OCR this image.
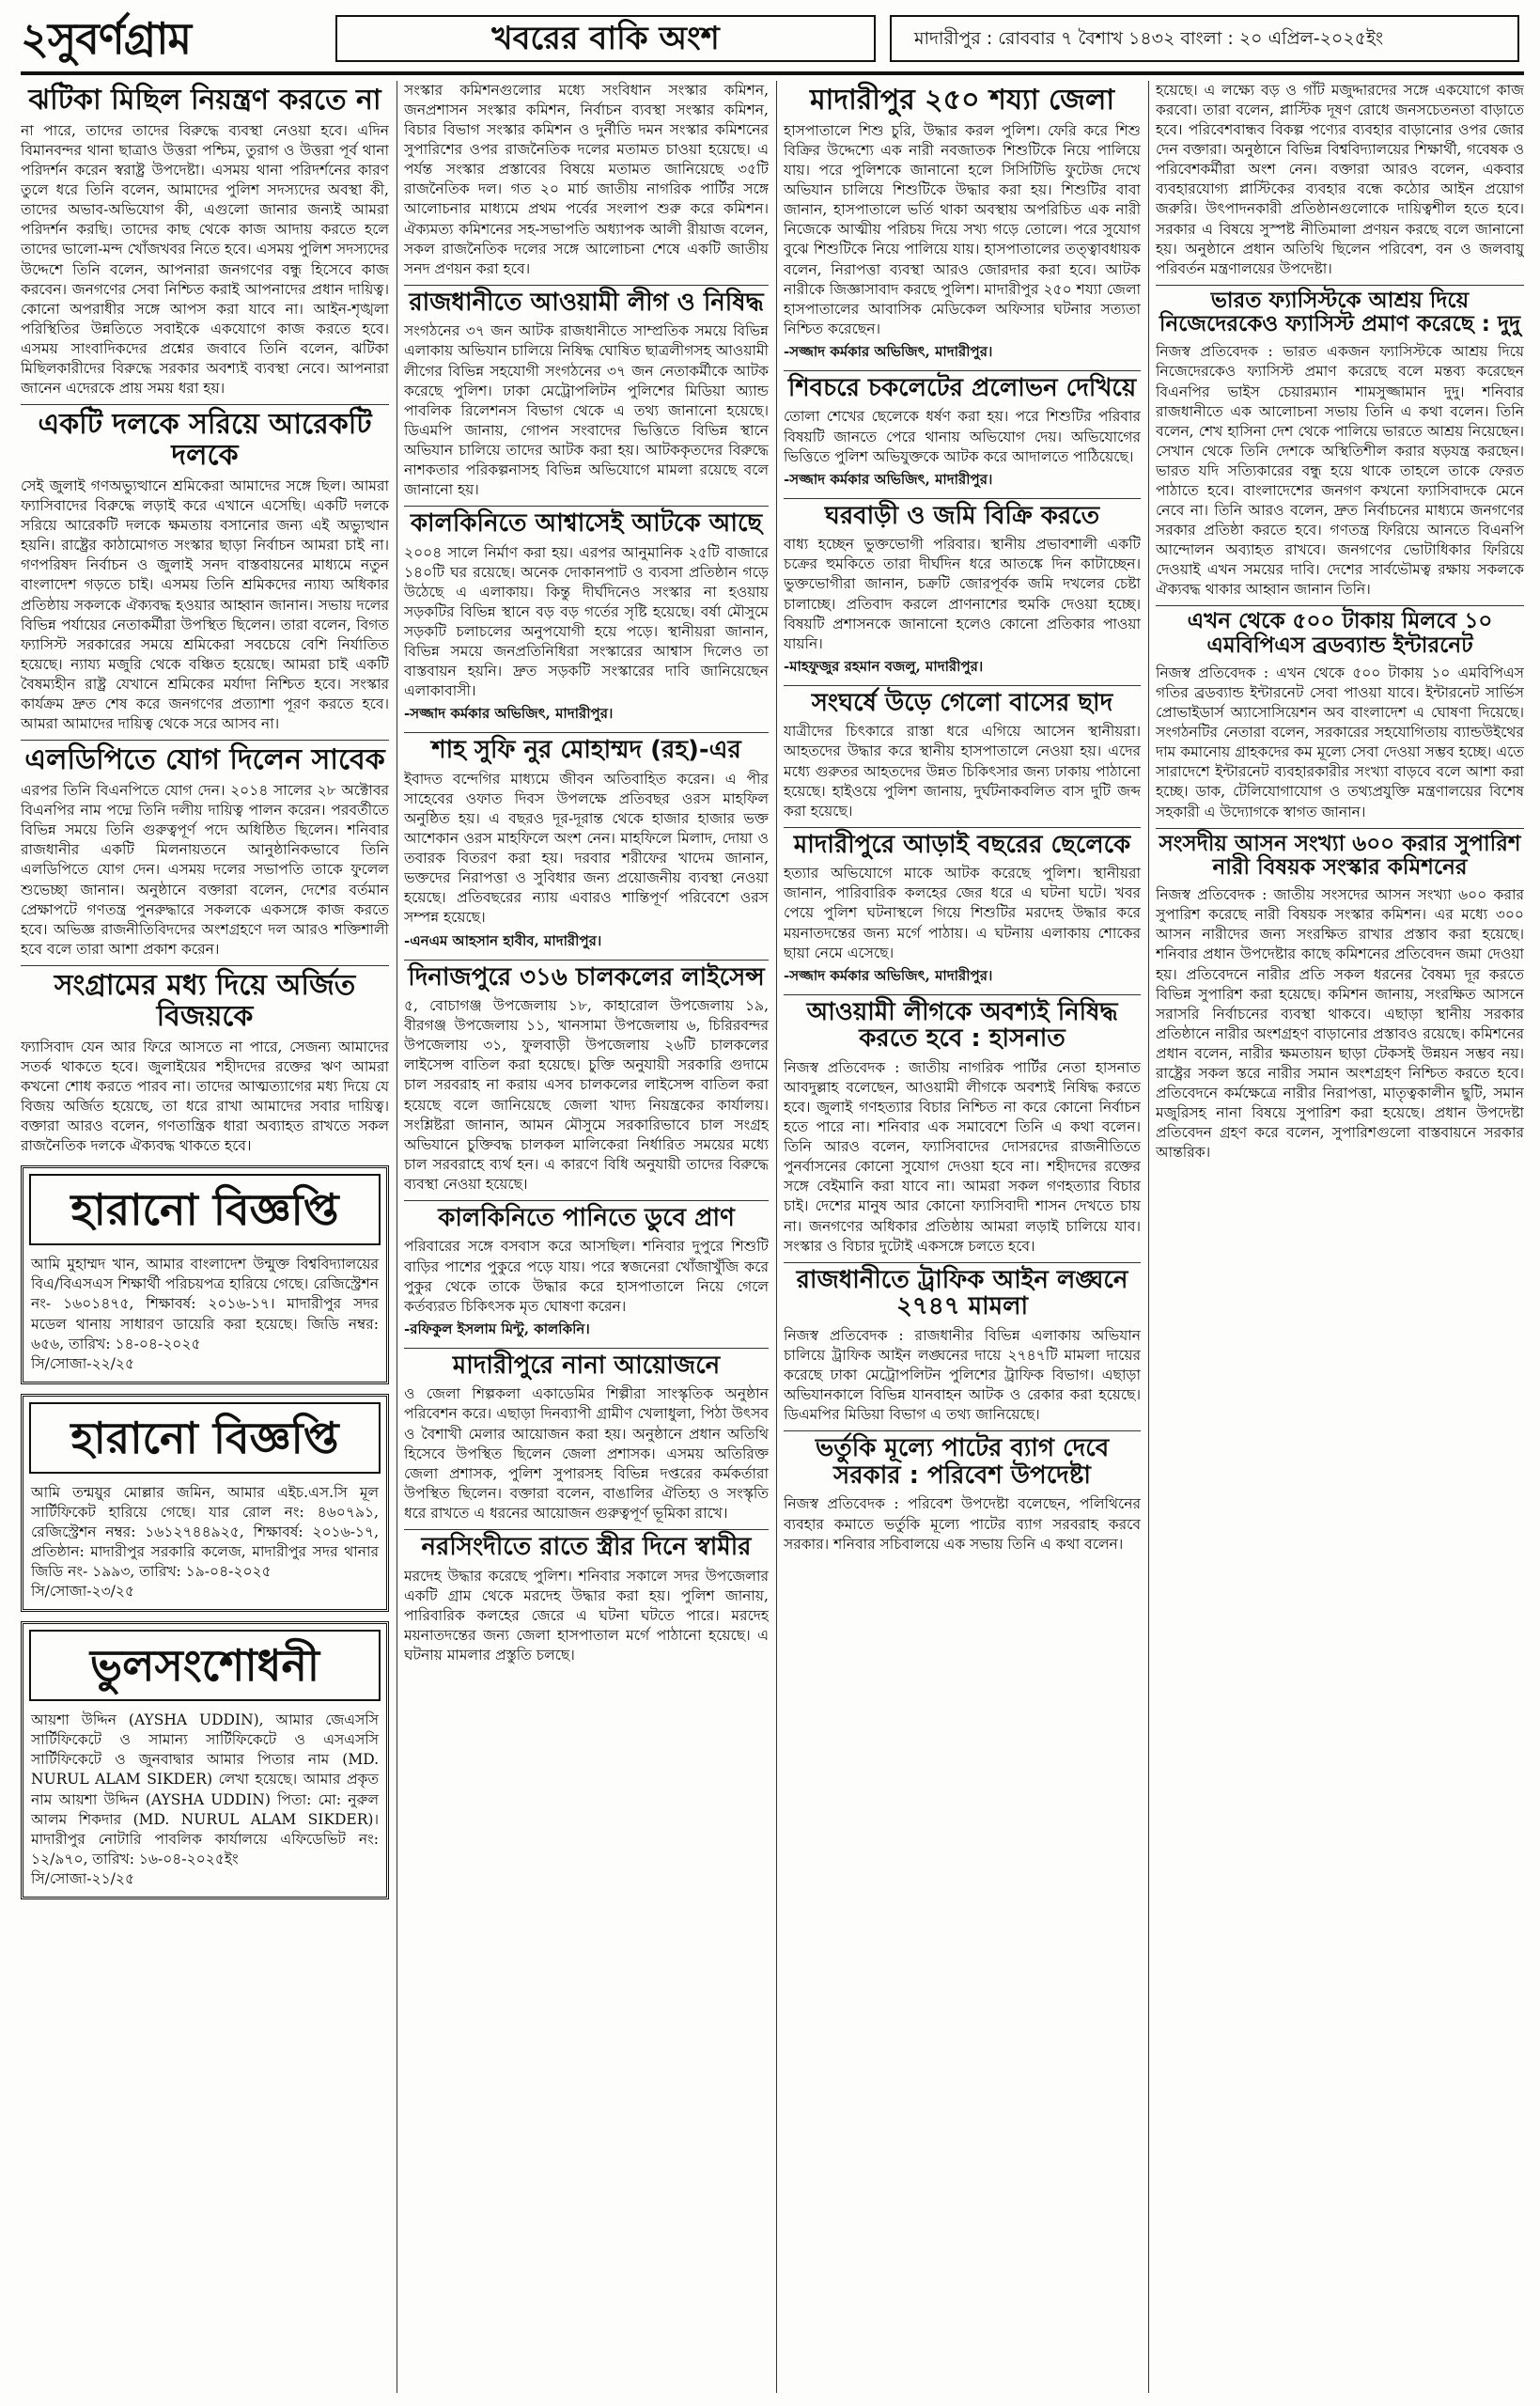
২সুবর্ণগ্রাম	খবরের বাকি অংশ	মাদারীপুর : রোববার ৭ বৈশাখ ১৪৩২ বাংলা : ২০ এপ্রিল-২০২৫ইং
ঝটিকা মিছিল নিয়ন্ত্রণ করতে না
না পারে, তাদের তাদের বিরুদ্ধে ব্যবস্থা নেওয়া হবে। এদিন বিমানবন্দর থানা ছাত্রাও উত্তরা পশ্চিম, তুরাগ ও উত্তরা পূর্ব থানা পরিদর্শন করেন স্বরাষ্ট্র উপদেষ্টা। এসময় থানা পরিদর্শনের কারণ তুলে ধরে তিনি বলেন, আমাদের পুলিশ সদস্যদের অবস্থা কী, তাদের অভাব-অভিযোগ কী, এগুলো জানার জন্যই আমরা পরিদর্শন করছি। তাদের কাছ থেকে কাজ আদায় করতে হলে তাদের ভালো-মন্দ খোঁজখবর নিতে হবে। এসময় পুলিশ সদস্যদের উদ্দেশে তিনি বলেন, আপনারা জনগণের বন্ধু হিসেবে কাজ করবেন। জনগণের সেবা নিশ্চিত করাই আপনাদের প্রধান দায়িত্ব। কোনো অপরাধীর সঙ্গে আপস করা যাবে না। আইন-শৃঙ্খলা পরিস্থিতির উন্নতিতে সবাইকে একযোগে কাজ করতে হবে। এসময় সাংবাদিকদের প্রশ্নের জবাবে তিনি বলেন, ঝটিকা মিছিলকারীদের বিরুদ্ধে সরকার অবশ্যই ব্যবস্থা নেবে। আপনারা জানেন এদেরকে প্রায় সময় ধরা হয়।
একটি দলকে সরিয়ে আরেকটি দলকে
সেই জুলাই গণঅভ্যুত্থানে শ্রমিকেরা আমাদের সঙ্গে ছিল। আমরা ফ্যাসিবাদের বিরুদ্ধে লড়াই করে এখানে এসেছি। একটি দলকে সরিয়ে আরেকটি দলকে ক্ষমতায় বসানোর জন্য এই অভ্যুত্থান হয়নি। রাষ্ট্রের কাঠামোগত সংস্কার ছাড়া নির্বাচন আমরা চাই না। গণপরিষদ নির্বাচন ও জুলাই সনদ বাস্তবায়নের মাধ্যমে নতুন বাংলাদেশ গড়তে চাই। এসময় তিনি শ্রমিকদের ন্যায্য অধিকার প্রতিষ্ঠায় সকলকে ঐক্যবদ্ধ হওয়ার আহ্বান জানান। সভায় দলের বিভিন্ন পর্যায়ের নেতাকর্মীরা উপস্থিত ছিলেন। তারা বলেন, বিগত ফ্যাসিস্ট সরকারের সময়ে শ্রমিকেরা সবচেয়ে বেশি নির্যাতিত হয়েছে। ন্যায্য মজুরি থেকে বঞ্চিত হয়েছে। আমরা চাই একটি বৈষম্যহীন রাষ্ট্র যেখানে শ্রমিকের মর্যাদা নিশ্চিত হবে। সংস্কার কার্যক্রম দ্রুত শেষ করে জনগণের প্রত্যাশা পূরণ করতে হবে। আমরা আমাদের দায়িত্ব থেকে সরে আসব না।
এলডিপিতে যোগ দিলেন সাবেক
এরপর তিনি বিএনপিতে যোগ দেন। ২০১৪ সালের ২৮ অক্টোবর বিএনপির নাম পদ্মে তিনি দলীয় দায়িত্ব পালন করেন। পরবর্তীতে বিভিন্ন সময়ে তিনি গুরুত্বপূর্ণ পদে অধিষ্ঠিত ছিলেন। শনিবার রাজধানীর একটি মিলনায়তনে আনুষ্ঠানিকভাবে তিনি এলডিপিতে যোগ দেন। এসময় দলের সভাপতি তাকে ফুলেল শুভেচ্ছা জানান। অনুষ্ঠানে বক্তারা বলেন, দেশের বর্তমান প্রেক্ষাপটে গণতন্ত্র পুনরুদ্ধারে সকলকে একসঙ্গে কাজ করতে হবে। অভিজ্ঞ রাজনীতিবিদদের অংশগ্রহণে দল আরও শক্তিশালী হবে বলে তারা আশা প্রকাশ করেন।
সংগ্রামের মধ্য দিয়ে অর্জিত বিজয়কে
ফ্যাসিবাদ যেন আর ফিরে আসতে না পারে, সেজন্য আমাদের সতর্ক থাকতে হবে। জুলাইয়ের শহীদদের রক্তের ঋণ আমরা কখনো শোধ করতে পারব না। তাদের আত্মত্যাগের মধ্য দিয়ে যে বিজয় অর্জিত হয়েছে, তা ধরে রাখা আমাদের সবার দায়িত্ব। বক্তারা আরও বলেন, গণতান্ত্রিক ধারা অব্যাহত রাখতে সকল রাজনৈতিক দলকে ঐক্যবদ্ধ থাকতে হবে।
হারানো বিজ্ঞপ্তি
আমি মুহাম্মদ খান, আমার বাংলাদেশ উন্মুক্ত বিশ্ববিদ্যালয়ের বিএ/বিএসএস শিক্ষার্থী পরিচয়পত্র হারিয়ে গেছে। রেজিস্ট্রেশন নং- ১৬০১৪৭৫, শিক্ষাবর্ষ: ২০১৬-১৭। মাদারীপুর সদর মডেল থানায় সাধারণ ডায়েরি করা হয়েছে। জিডি নম্বর: ৬৫৬, তারিখ: ১৪-০৪-২০২৫
সি/সোজা-২২/২৫
হারানো বিজ্ঞপ্তি
আমি তন্ময়ুর মোল্লার জমিন, আমার এইচ.এস.সি মূল সার্টিফিকেট হারিয়ে গেছে। যার রোল নং: ৪৬০৭৯১, রেজিস্ট্রেশন নম্বর: ১৬১২৭৪৪৯২৫, শিক্ষাবর্ষ: ২০১৬-১৭, প্রতিষ্ঠান: মাদারীপুর সরকারি কলেজ, মাদারীপুর সদর থানার জিডি নং- ১৯৯৩, তারিখ: ১৯-০৪-২০২৫
সি/সোজা-২৩/২৫
ভুলসংশোধনী
আয়শা উদ্দিন (AYSHA UDDIN), আমার জেএসসি সার্টিফিকেটে ও সামান্য সার্টিফিকেটে ও এসএসসি সার্টিফিকেটে ও জুনবাদ্বার আমার পিতার নাম (MD. NURUL ALAM SIKDER) লেখা হয়েছে। আমার প্রকৃত নাম আয়শা উদ্দিন (AYSHA UDDIN) পিতা: মো: নুরুল আলম শিকদার (MD. NURUL ALAM SIKDER)। মাদারীপুর নোটারি পাবলিক কার্যালয়ে এফিডেভিট নং: ১২/৯৭০, তারিখ: ১৬-০৪-২০২৫ইং
সি/সোজা-২১/২৫
সংস্কার কমিশনগুলোর মধ্যে সংবিধান সংস্কার কমিশন, জনপ্রশাসন সংস্কার কমিশন, নির্বাচন ব্যবস্থা সংস্কার কমিশন, বিচার বিভাগ সংস্কার কমিশন ও দুর্নীতি দমন সংস্কার কমিশনের সুপারিশের ওপর রাজনৈতিক দলের মতামত চাওয়া হয়েছে। এ পর্যন্ত সংস্কার প্রস্তাবের বিষয়ে মতামত জানিয়েছে ৩৫টি রাজনৈতিক দল। গত ২০ মার্চ জাতীয় নাগরিক পার্টির সঙ্গে আলোচনার মাধ্যমে প্রথম পর্বের সংলাপ শুরু করে কমিশন। ঐক্যমত্য কমিশনের সহ-সভাপতি অধ্যাপক আলী রীয়াজ বলেন, সকল রাজনৈতিক দলের সঙ্গে আলোচনা শেষে একটি জাতীয় সনদ প্রণয়ন করা হবে।
রাজধানীতে আওয়ামী লীগ ও নিষিদ্ধ
সংগঠনের ৩৭ জন আটক রাজধানীতে সাম্প্রতিক সময়ে বিভিন্ন এলাকায় অভিযান চালিয়ে নিষিদ্ধ ঘোষিত ছাত্রলীগসহ আওয়ামী লীগের বিভিন্ন সহযোগী সংগঠনের ৩৭ জন নেতাকর্মীকে আটক করেছে পুলিশ। ঢাকা মেট্রোপলিটন পুলিশের মিডিয়া অ্যান্ড পাবলিক রিলেশনস বিভাগ থেকে এ তথ্য জানানো হয়েছে। ডিএমপি জানায়, গোপন সংবাদের ভিত্তিতে বিভিন্ন স্থানে অভিযান চালিয়ে তাদের আটক করা হয়। আটককৃতদের বিরুদ্ধে নাশকতার পরিকল্পনাসহ বিভিন্ন অভিযোগে মামলা রয়েছে বলে জানানো হয়।
কালকিনিতে আশ্বাসেই আটকে আছে
২০০৪ সালে নির্মাণ করা হয়। এরপর আনুমানিক ২৫টি বাজারে ১৪০টি ঘর রয়েছে। অনেক দোকানপাট ও ব্যবসা প্রতিষ্ঠান গড়ে উঠেছে এ এলাকায়। কিন্তু দীর্ঘদিনেও সংস্কার না হওয়ায় সড়কটির বিভিন্ন স্থানে বড় বড় গর্তের সৃষ্টি হয়েছে। বর্ষা মৌসুমে সড়কটি চলাচলের অনুপযোগী হয়ে পড়ে। স্থানীয়রা জানান, বিভিন্ন সময়ে জনপ্রতিনিধিরা সংস্কারের আশ্বাস দিলেও তা বাস্তবায়ন হয়নি। দ্রুত সড়কটি সংস্কারের দাবি জানিয়েছেন এলাকাবাসী।
-সজ্জাদ কর্মকার অভিজিৎ, মাদারীপুর।
শাহ সুফি নুর মোহাম্মদ (রহ)-এর
ইবাদত বন্দেগির মাধ্যমে জীবন অতিবাহিত করেন। এ পীর সাহেবের ওফাত দিবস উপলক্ষে প্রতিবছর ওরস মাহফিল অনুষ্ঠিত হয়। এ বছরও দূর-দূরান্ত থেকে হাজার হাজার ভক্ত আশেকান ওরস মাহফিলে অংশ নেন। মাহফিলে মিলাদ, দোয়া ও তবারক বিতরণ করা হয়। দরবার শরীফের খাদেম জানান, ভক্তদের নিরাপত্তা ও সুবিধার জন্য প্রয়োজনীয় ব্যবস্থা নেওয়া হয়েছে। প্রতিবছরের ন্যায় এবারও শান্তিপূর্ণ পরিবেশে ওরস সম্পন্ন হয়েছে।
-এনএম আহসান হাবীব, মাদারীপুর।
দিনাজপুরে ৩১৬ চালকলের লাইসেন্স
৫, বোচাগঞ্জ উপজেলায় ১৮, কাহারোল উপজেলায় ১৯, বীরগঞ্জ উপজেলায় ১১, খানসামা উপজেলায় ৬, চিরিরবন্দর উপজেলায় ৩১, ফুলবাড়ী উপজেলায় ২৬টি চালকলের লাইসেন্স বাতিল করা হয়েছে। চুক্তি অনুযায়ী সরকারি গুদামে চাল সরবরাহ না করায় এসব চালকলের লাইসেন্স বাতিল করা হয়েছে বলে জানিয়েছে জেলা খাদ্য নিয়ন্ত্রকের কার্যালয়। সংশ্লিষ্টরা জানান, আমন মৌসুমে সরকারিভাবে চাল সংগ্রহ অভিযানে চুক্তিবদ্ধ চালকল মালিকেরা নির্ধারিত সময়ের মধ্যে চাল সরবরাহে ব্যর্থ হন। এ কারণে বিধি অনুযায়ী তাদের বিরুদ্ধে ব্যবস্থা নেওয়া হয়েছে।
কালকিনিতে পানিতে ডুবে প্রাণ
পরিবারের সঙ্গে বসবাস করে আসছিল। শনিবার দুপুরে শিশুটি বাড়ির পাশের পুকুরে পড়ে যায়। পরে স্বজনেরা খোঁজাখুঁজি করে পুকুর থেকে তাকে উদ্ধার করে হাসপাতালে নিয়ে গেলে কর্তব্যরত চিকিৎসক মৃত ঘোষণা করেন।
-রফিকুল ইসলাম মিন্টু, কালকিনি।
মাদারীপুরে নানা আয়োজনে
ও জেলা শিল্পকলা একাডেমির শিল্পীরা সাংস্কৃতিক অনুষ্ঠান পরিবেশন করে। এছাড়া দিনব্যাপী গ্রামীণ খেলাধুলা, পিঠা উৎসব ও বৈশাখী মেলার আয়োজন করা হয়। অনুষ্ঠানে প্রধান অতিথি হিসেবে উপস্থিত ছিলেন জেলা প্রশাসক। এসময় অতিরিক্ত জেলা প্রশাসক, পুলিশ সুপারসহ বিভিন্ন দপ্তরের কর্মকর্তারা উপস্থিত ছিলেন। বক্তারা বলেন, বাঙালির ঐতিহ্য ও সংস্কৃতি ধরে রাখতে এ ধরনের আয়োজন গুরুত্বপূর্ণ ভূমিকা রাখে।
নরসিংদীতে রাতে স্ত্রীর দিনে স্বামীর
মরদেহ উদ্ধার করেছে পুলিশ। শনিবার সকালে সদর উপজেলার একটি গ্রাম থেকে মরদেহ উদ্ধার করা হয়। পুলিশ জানায়, পারিবারিক কলহের জেরে এ ঘটনা ঘটতে পারে। মরদেহ ময়নাতদন্তের জন্য জেলা হাসপাতাল মর্গে পাঠানো হয়েছে। এ ঘটনায় মামলার প্রস্তুতি চলছে।
মাদারীপুর ২৫০ শয্যা জেলা
হাসপাতালে শিশু চুরি, উদ্ধার করল পুলিশ। ফেরি করে শিশু বিক্রির উদ্দেশ্যে এক নারী নবজাতক শিশুটিকে নিয়ে পালিয়ে যায়। পরে পুলিশকে জানানো হলে সিসিটিভি ফুটেজ দেখে অভিযান চালিয়ে শিশুটিকে উদ্ধার করা হয়। শিশুটির বাবা জানান, হাসপাতালে ভর্তি থাকা অবস্থায় অপরিচিত এক নারী নিজেকে আত্মীয় পরিচয় দিয়ে সখ্য গড়ে তোলে। পরে সুযোগ বুঝে শিশুটিকে নিয়ে পালিয়ে যায়। হাসপাতালের তত্ত্বাবধায়ক বলেন, নিরাপত্তা ব্যবস্থা আরও জোরদার করা হবে। আটক নারীকে জিজ্ঞাসাবাদ করছে পুলিশ। মাদারীপুর ২৫০ শয্যা জেলা হাসপাতালের আবাসিক মেডিকেল অফিসার ঘটনার সত্যতা নিশ্চিত করেছেন।
-সজ্জাদ কর্মকার অভিজিৎ, মাদারীপুর।
শিবচরে চকলেটের প্রলোভন দেখিয়ে
তোলা শেখের ছেলেকে ধর্ষণ করা হয়। পরে শিশুটির পরিবার বিষয়টি জানতে পেরে থানায় অভিযোগ দেয়। অভিযোগের ভিত্তিতে পুলিশ অভিযুক্তকে আটক করে আদালতে পাঠিয়েছে।
-সজ্জাদ কর্মকার অভিজিৎ, মাদারীপুর।
ঘরবাড়ী ও জমি বিক্রি করতে
বাধ্য হচ্ছেন ভুক্তভোগী পরিবার। স্থানীয় প্রভাবশালী একটি চক্রের হুমকিতে তারা দীর্ঘদিন ধরে আতঙ্কে দিন কাটাচ্ছেন। ভুক্তভোগীরা জানান, চক্রটি জোরপূর্বক জমি দখলের চেষ্টা চালাচ্ছে। প্রতিবাদ করলে প্রাণনাশের হুমকি দেওয়া হচ্ছে। বিষয়টি প্রশাসনকে জানানো হলেও কোনো প্রতিকার পাওয়া যায়নি।
-মাহফুজুর রহমান বজলু, মাদারীপুর।
সংঘর্ষে উড়ে গেলো বাসের ছাদ
যাত্রীদের চিৎকারে রাস্তা ধরে এগিয়ে আসেন স্থানীয়রা। আহতদের উদ্ধার করে স্থানীয় হাসপাতালে নেওয়া হয়। এদের মধ্যে গুরুতর আহতদের উন্নত চিকিৎসার জন্য ঢাকায় পাঠানো হয়েছে। হাইওয়ে পুলিশ জানায়, দুর্ঘটনাকবলিত বাস দুটি জব্দ করা হয়েছে।
মাদারীপুরে আড়াই বছরের ছেলেকে
হত্যার অভিযোগে মাকে আটক করেছে পুলিশ। স্থানীয়রা জানান, পারিবারিক কলহের জের ধরে এ ঘটনা ঘটে। খবর পেয়ে পুলিশ ঘটনাস্থলে গিয়ে শিশুটির মরদেহ উদ্ধার করে ময়নাতদন্তের জন্য মর্গে পাঠায়। এ ঘটনায় এলাকায় শোকের ছায়া নেমে এসেছে।
-সজ্জাদ কর্মকার অভিজিৎ, মাদারীপুর।
আওয়ামী লীগকে অবশ্যই নিষিদ্ধ করতে হবে : হাসনাত
নিজস্ব প্রতিবেদক : জাতীয় নাগরিক পার্টির নেতা হাসনাত আবদুল্লাহ বলেছেন, আওয়ামী লীগকে অবশ্যই নিষিদ্ধ করতে হবে। জুলাই গণহত্যার বিচার নিশ্চিত না করে কোনো নির্বাচন হতে পারে না। শনিবার এক সমাবেশে তিনি এ কথা বলেন। তিনি আরও বলেন, ফ্যাসিবাদের দোসরদের রাজনীতিতে পুনর্বাসনের কোনো সুযোগ দেওয়া হবে না। শহীদদের রক্তের সঙ্গে বেইমানি করা যাবে না। আমরা সকল গণহত্যার বিচার চাই। দেশের মানুষ আর কোনো ফ্যাসিবাদী শাসন দেখতে চায় না। জনগণের অধিকার প্রতিষ্ঠায় আমরা লড়াই চালিয়ে যাব। সংস্কার ও বিচার দুটোই একসঙ্গে চলতে হবে।
রাজধানীতে ট্রাফিক আইন লঙ্ঘনে ২৭৪৭ মামলা
নিজস্ব প্রতিবেদক : রাজধানীর বিভিন্ন এলাকায় অভিযান চালিয়ে ট্রাফিক আইন লঙ্ঘনের দায়ে ২৭৪৭টি মামলা দায়ের করেছে ঢাকা মেট্রোপলিটন পুলিশের ট্রাফিক বিভাগ। এছাড়া অভিযানকালে বিভিন্ন যানবাহন আটক ও রেকার করা হয়েছে। ডিএমপির মিডিয়া বিভাগ এ তথ্য জানিয়েছে।
ভর্তুকি মূল্যে পাটের ব্যাগ দেবে সরকার : পরিবেশ উপদেষ্টা
নিজস্ব প্রতিবেদক : পরিবেশ উপদেষ্টা বলেছেন, পলিথিনের ব্যবহার কমাতে ভর্তুকি মূল্যে পাটের ব্যাগ সরবরাহ করবে সরকার। শনিবার সচিবালয়ে এক সভায় তিনি এ কথা বলেন।
হয়েছে। এ লক্ষ্যে বড় ও গাঁট মজুদ্দারদের সঙ্গে একযোগে কাজ করবো। তারা বলেন, প্লাস্টিক দূষণ রোধে জনসচেতনতা বাড়াতে হবে। পরিবেশবান্ধব বিকল্প পণ্যের ব্যবহার বাড়ানোর ওপর জোর দেন বক্তারা। অনুষ্ঠানে বিভিন্ন বিশ্ববিদ্যালয়ের শিক্ষার্থী, গবেষক ও পরিবেশকর্মীরা অংশ নেন। বক্তারা আরও বলেন, একবার ব্যবহারযোগ্য প্লাস্টিকের ব্যবহার বন্ধে কঠোর আইন প্রয়োগ জরুরি। উৎপাদনকারী প্রতিষ্ঠানগুলোকে দায়িত্বশীল হতে হবে। সরকার এ বিষয়ে সুস্পষ্ট নীতিমালা প্রণয়ন করছে বলে জানানো হয়। অনুষ্ঠানে প্রধান অতিথি ছিলেন পরিবেশ, বন ও জলবায়ু পরিবর্তন মন্ত্রণালয়ের উপদেষ্টা।
ভারত ফ্যাসিস্টকে আশ্রয় দিয়ে নিজেদেরকেও ফ্যাসিস্ট প্রমাণ করেছে : দুদু
নিজস্ব প্রতিবেদক : ভারত একজন ফ্যাসিস্টকে আশ্রয় দিয়ে নিজেদেরকেও ফ্যাসিস্ট প্রমাণ করেছে বলে মন্তব্য করেছেন বিএনপির ভাইস চেয়ারম্যান শামসুজ্জামান দুদু। শনিবার রাজধানীতে এক আলোচনা সভায় তিনি এ কথা বলেন। তিনি বলেন, শেখ হাসিনা দেশ থেকে পালিয়ে ভারতে আশ্রয় নিয়েছেন। সেখান থেকে তিনি দেশকে অস্থিতিশীল করার ষড়যন্ত্র করছেন। ভারত যদি সত্যিকারের বন্ধু হয়ে থাকে তাহলে তাকে ফেরত পাঠাতে হবে। বাংলাদেশের জনগণ কখনো ফ্যাসিবাদকে মেনে নেবে না। তিনি আরও বলেন, দ্রুত নির্বাচনের মাধ্যমে জনগণের সরকার প্রতিষ্ঠা করতে হবে। গণতন্ত্র ফিরিয়ে আনতে বিএনপি আন্দোলন অব্যাহত রাখবে। জনগণের ভোটাধিকার ফিরিয়ে দেওয়াই এখন সময়ের দাবি। দেশের সার্বভৌমত্ব রক্ষায় সকলকে ঐক্যবদ্ধ থাকার আহ্বান জানান তিনি।
এখন থেকে ৫০০ টাকায় মিলবে ১০ এমবিপিএস ব্রডব্যান্ড ইন্টারনেট
নিজস্ব প্রতিবেদক : এখন থেকে ৫০০ টাকায় ১০ এমবিপিএস গতির ব্রডব্যান্ড ইন্টারনেট সেবা পাওয়া যাবে। ইন্টারনেট সার্ভিস প্রোভাইডার্স অ্যাসোসিয়েশন অব বাংলাদেশ এ ঘোষণা দিয়েছে। সংগঠনটির নেতারা বলেন, সরকারের সহযোগিতায় ব্যান্ডউইথের দাম কমানোয় গ্রাহকদের কম মূল্যে সেবা দেওয়া সম্ভব হচ্ছে। এতে সারাদেশে ইন্টারনেট ব্যবহারকারীর সংখ্যা বাড়বে বলে আশা করা হচ্ছে। ডাক, টেলিযোগাযোগ ও তথ্যপ্রযুক্তি মন্ত্রণালয়ের বিশেষ সহকারী এ উদ্যোগকে স্বাগত জানান।
সংসদীয় আসন সংখ্যা ৬০০ করার সুপারিশ নারী বিষয়ক সংস্কার কমিশনের
নিজস্ব প্রতিবেদক : জাতীয় সংসদের আসন সংখ্যা ৬০০ করার সুপারিশ করেছে নারী বিষয়ক সংস্কার কমিশন। এর মধ্যে ৩০০ আসন নারীদের জন্য সংরক্ষিত রাখার প্রস্তাব করা হয়েছে। শনিবার প্রধান উপদেষ্টার কাছে কমিশনের প্রতিবেদন জমা দেওয়া হয়। প্রতিবেদনে নারীর প্রতি সকল ধরনের বৈষম্য দূর করতে বিভিন্ন সুপারিশ করা হয়েছে। কমিশন জানায়, সংরক্ষিত আসনে সরাসরি নির্বাচনের ব্যবস্থা থাকবে। এছাড়া স্থানীয় সরকার প্রতিষ্ঠানে নারীর অংশগ্রহণ বাড়ানোর প্রস্তাবও রয়েছে। কমিশনের প্রধান বলেন, নারীর ক্ষমতায়ন ছাড়া টেকসই উন্নয়ন সম্ভব নয়। রাষ্ট্রের সকল স্তরে নারীর সমান অংশগ্রহণ নিশ্চিত করতে হবে। প্রতিবেদনে কর্মক্ষেত্রে নারীর নিরাপত্তা, মাতৃত্বকালীন ছুটি, সমান মজুরিসহ নানা বিষয়ে সুপারিশ করা হয়েছে। প্রধান উপদেষ্টা প্রতিবেদন গ্রহণ করে বলেন, সুপারিশগুলো বাস্তবায়নে সরকার আন্তরিক।
